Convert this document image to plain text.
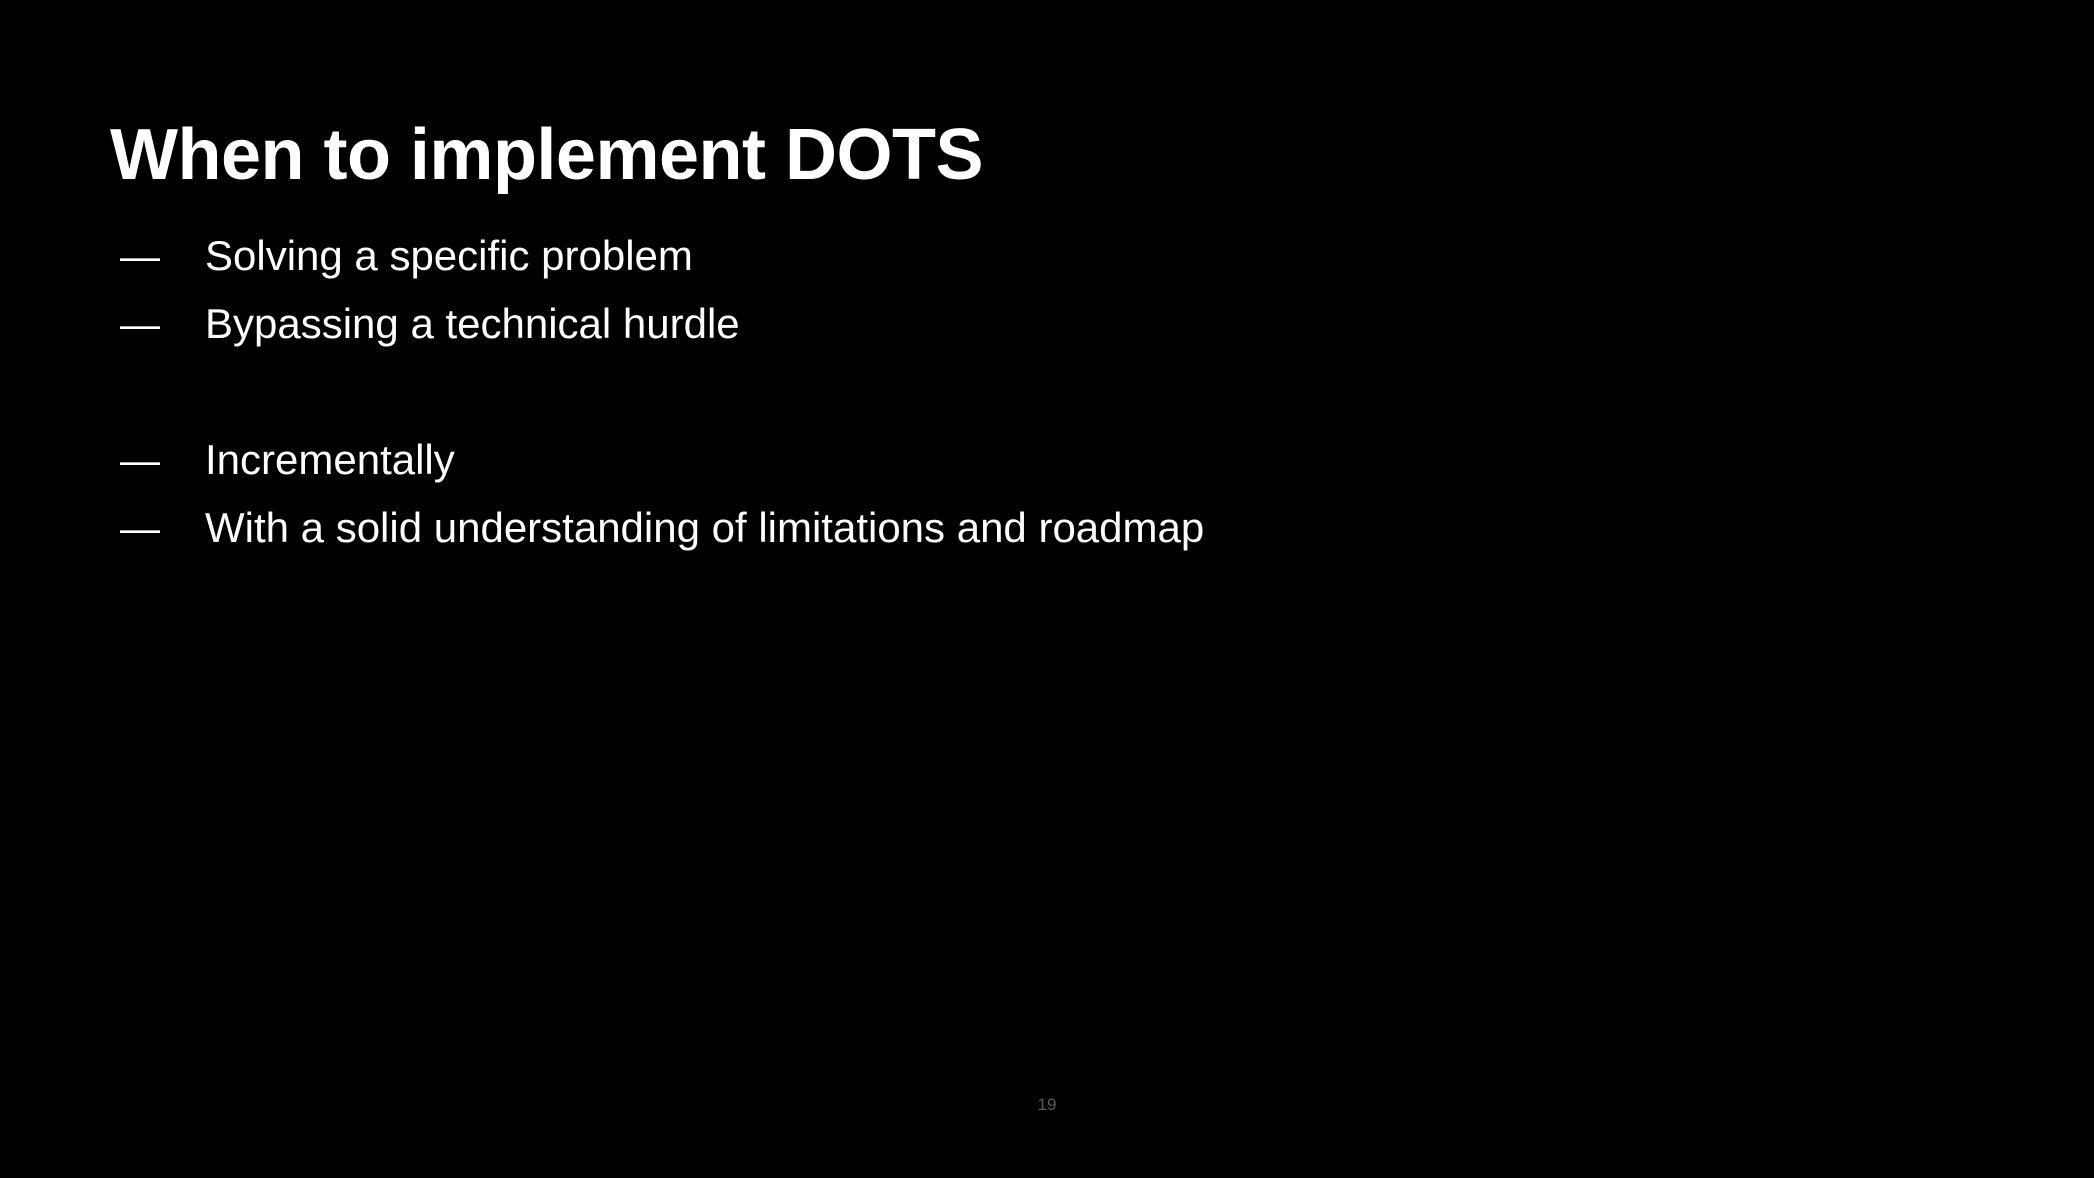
When to implement DOTS
—	Solving a specific problem
—	Bypassing a technical hurdle
—	Incrementally
—	With a solid understanding of limitations and roadmap
19
